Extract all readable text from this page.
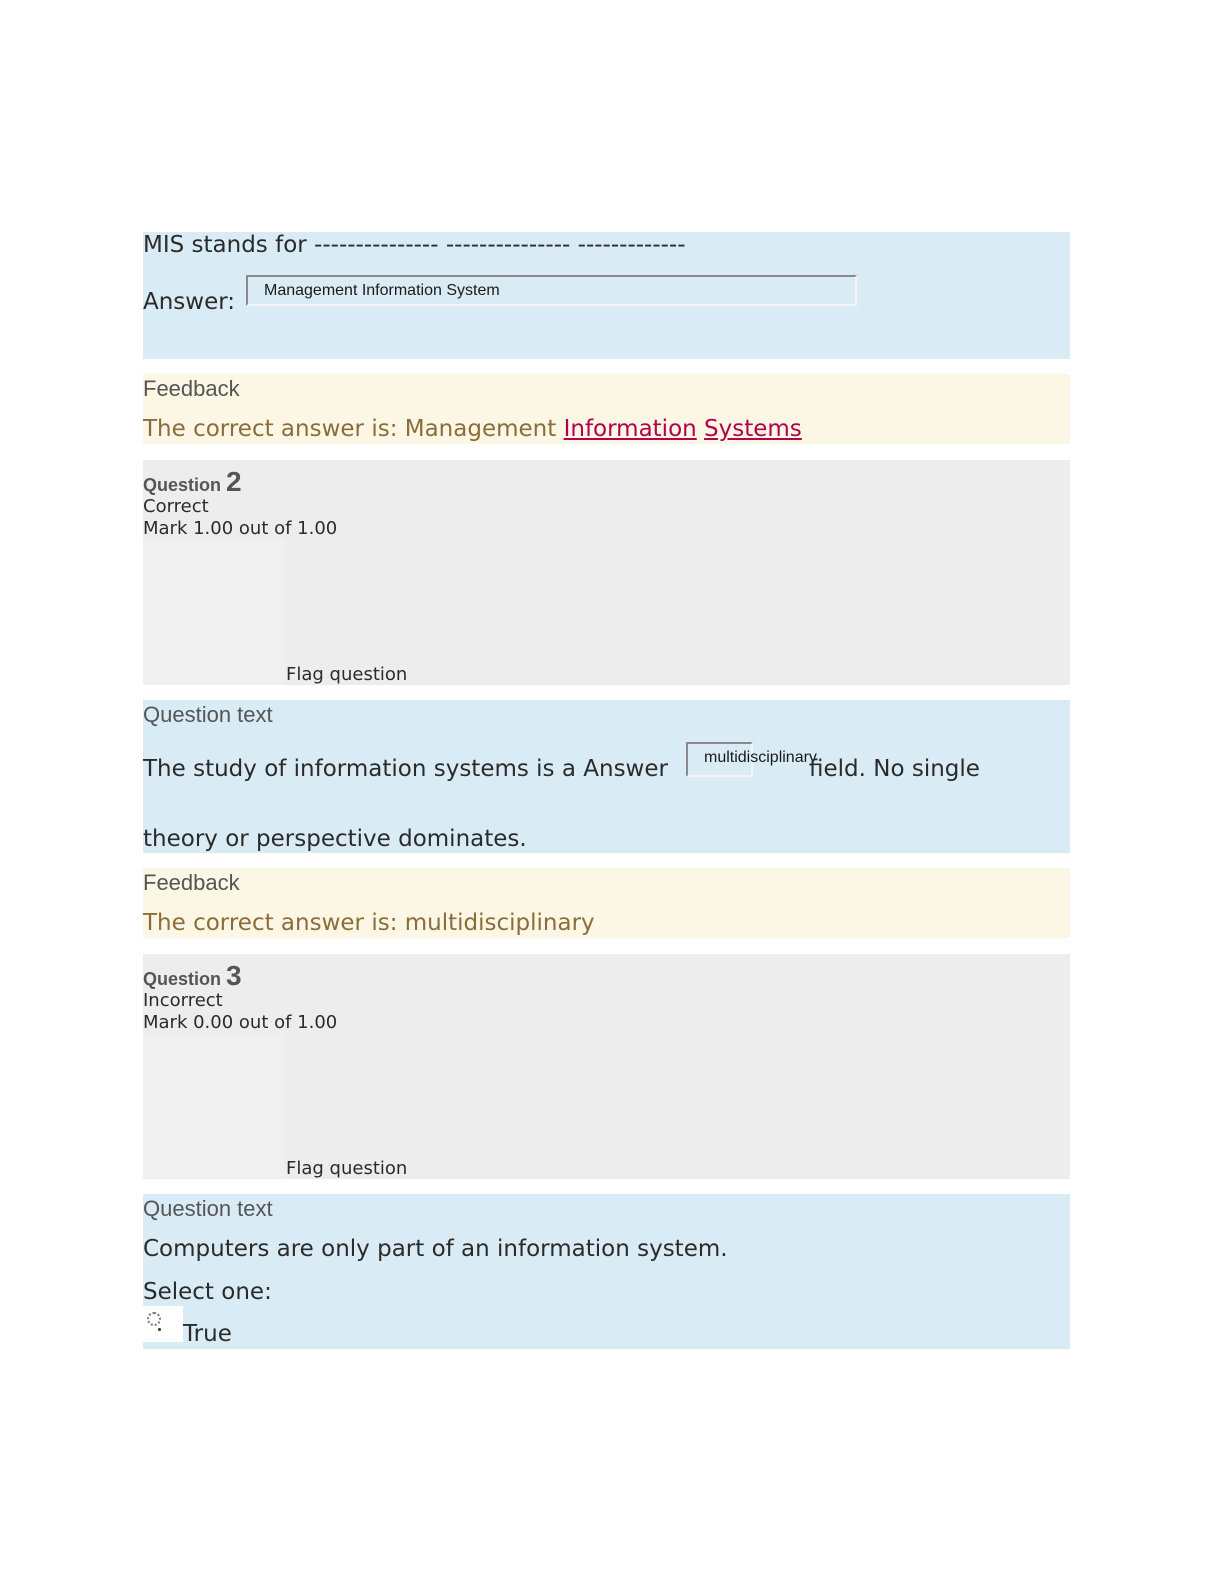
MIS stands for --------------- --------------- -------------
Answer:	Management Information System
Feedback
The correct answer is: Management Information Systems
Question 2
Correct
Mark 1.00 out of 1.00
Flag question
Question text
The study of information systems is a Answer	multidisciplinary
field. No single
theory or perspective dominates.
Feedback
The correct answer is: multidisciplinary
Question 3
Incorrect
Mark 0.00 out of 1.00
Flag question
Question text
Computers are only part of an information system.
Select one:
True
